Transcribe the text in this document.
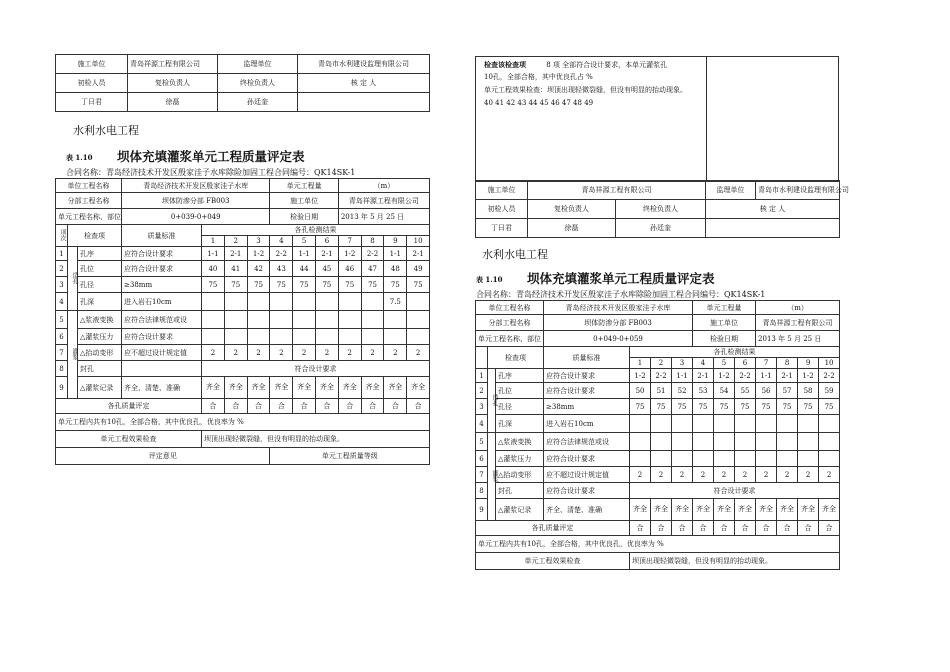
施工单位	青岛祥源工程有限公司	监理单位	青岛市水利建设监理有限公司
初检人员	复检负责人	终检负责人	核 定 人
丁曰君	徐磊	孙廷奎	
水利水电工程
表 1.10 坝体充填灌浆单元工程质量评定表
合同名称：青岛经济技术开发区殷家洼子水库除险加固工程合同编号：QK14SK-1
单位工程名称			青岛经济技术开发区殷家洼子水库				单元工程量			（m）			
分部工程名称			坝体防渗分部 FB003				施工单位			青岛祥源工程有限公司			
单元工程名称、部位			0+039-0+049				检验日期			2013 年 5 月 25 日			
项次	检查项		质量标准	各孔检测结果									
				1	2	3	4	5	6	7	8	9	10
1	造孔	孔序	应符合设计要求	1-1	2-1	1-2	2-2	1-1	2-1	1-2	2-2	1-1	2-1
2		孔位	应符合设计要求	40	41	42	43	44	45	46	47	48	49
3		孔径	≥38mm	75	75	75	75	75	75	75	75	75	75
4		孔深	进入岩石10cm									7.5	
5	灌浆	△浆液变换	应符合法律规范或设										
6		△灌浆压力	应符合设计要求										
7		△抬动变形	应不超过设计规定值	2	2	2	2	2	2	2	2	2	2
8		封孔		符合设计要求									
9		△灌浆记录	齐全、清楚、准确	齐全	齐全	齐全	齐全	齐全	齐全	齐全	齐全	齐全	齐全
各孔质量评定				合	合	合	合	合	合	合	合	合	合
单元工程内共有10孔，全部合格，其中优良孔，优良率为 %													
单元工程效果检查				坝顶出现轻微裂缝，但没有明显的抬动现象。									
评定意见							单元工程质量等级						
检查该检查项	8 项 全部符合设计要求，本单元灌浆孔
10孔，全部合格，其中优良孔占 %
单元工程效果检查：坝顶出现轻微裂缝，但没有明显的抬动现象。
40 41 42 43 44 45 46 47 48 49
施工单位	青岛祥源工程有限公司		监理单位	青岛市水利建设监理有限公司
初检人员	复检负责人	终检负责人	核 定 人	
丁曰君	徐磊	孙廷奎		
水利水电工程
表 1.10 坝体充填灌浆单元工程质量评定表
合同名称：青岛经济技术开发区殷家洼子水库除险加固工程合同编号：QK14SK-1
单位工程名称			青岛经济技术开发区殷家洼子水库				单元工程量			（m）			
分部工程名称			坝体防渗分部 FB003				施工单位			青岛祥源工程有限公司			
单元工程名称、部位			0+049-0+059				检验日期			2013 年 5 月 25 日			
	检查项		质量标准	各孔检测结果									
				1	2	3	4	5	6	7	8	9	10
1	造孔	孔序	应符合设计要求	1-2	2-2	1-1	2-1	1-2	2-2	1-1	2-1	1-2	2-2
2		孔位	应符合设计要求	50	51	52	53	54	55	56	57	58	59
3		孔径	≥38mm	75	75	75	75	75	75	75	75	75	75
4		孔深	进入岩石10cm										
5	灌浆	△浆液变换	应符合法律规范或设										
6		△灌浆压力	应符合设计要求										
7		△抬动变形	应不超过设计规定值	2	2	2	2	2	2	2	2	2	2
8		封孔	应符合设计要求	符合设计要求									
9		△灌浆记录	齐全、清楚、准确	齐全	齐全	齐全	齐全	齐全	齐全	齐全	齐全	齐全	齐全
各孔质量评定				合	合	合	合	合	合	合	合	合	合
单元工程内共有10孔，全部合格，其中优良孔，优良率为 %													
单元工程效果检查				坝顶出现轻微裂缝，但没有明显的抬动现象。									
